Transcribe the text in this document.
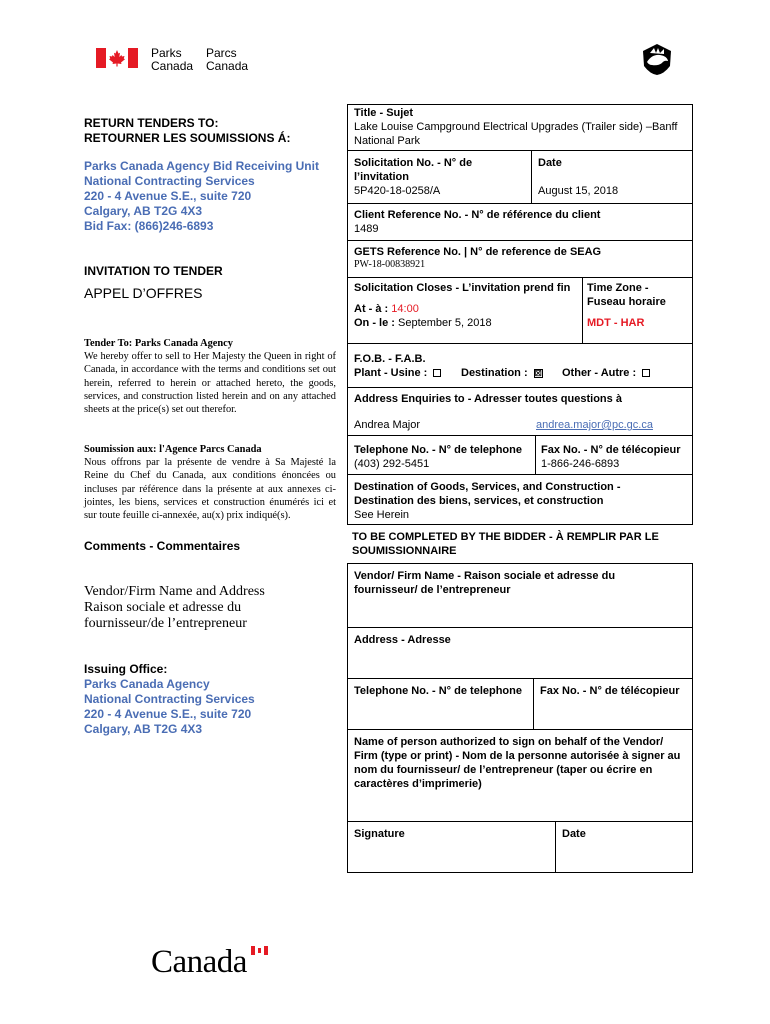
Parks
Canada
Parcs
Canada
RETURN TENDERS TO:
RETOURNER LES SOUMISSIONS Á:
Parks Canada Agency Bid Receiving Unit
National Contracting Services
220 - 4 Avenue S.E., suite 720
Calgary, AB T2G 4X3
Bid Fax: (866)246-6893
INVITATION TO TENDER
APPEL D’OFFRES
Tender To: Parks Canada Agency
We hereby offer to sell to Her Majesty the Queen in right of Canada, in accordance with the terms and conditions set out herein, referred to herein or attached hereto, the goods, services, and construction listed herein and on any attached sheets at the price(s) set out therefor.
Soumission aux: l'Agence Parcs Canada
Nous offrons par la présente de vendre à Sa Majesté la Reine du Chef du Canada, aux conditions énoncées ou incluses par référence dans la présente at aux annexes ci-jointes, les biens, services et construction énumérés ici et sur toute feuille ci-annexée, au(x) prix indiqué(s).
Comments - Commentaires
Vendor/Firm Name and Address
Raison sociale et adresse du
fournisseur/de l’entrepreneur
Issuing Office:
Parks Canada Agency
National Contracting Services
220 - 4 Avenue S.E., suite 720
Calgary, AB T2G 4X3
Title - Sujet
Lake Louise Campground Electrical Upgrades (Trailer side) –Banff National Park
Solicitation No. - N° de l’invitation
5P420-18-0258/A
Date
August 15, 2018
Client Reference No. - N° de référence du client
1489
GETS Reference No. | N° de reference de SEAG
PW-18-00838921
Solicitation Closes - L’invitation prend fin
At - à : 14:00
On - le : September 5, 2018
Time Zone -
Fuseau horaire
MDT - HAR
F.O.B. - F.A.B.
Plant - Usine :	Destination : ☒ Other - Autre :
Address Enquiries to - Adresser toutes questions à
Andrea Major	andrea.major@pc.gc.ca
Telephone No. - N° de telephone
(403) 292-5451
Fax No. - N° de télécopieur
1-866-246-6893
Destination of Goods, Services, and Construction -
Destination des biens, services, et construction
See Herein
TO BE COMPLETED BY THE BIDDER - À REMPLIR PAR LE
SOUMISSIONNAIRE
Vendor/ Firm Name - Raison sociale et adresse du
fournisseur/ de l’entrepreneur
Address - Adresse
Telephone No. - N° de telephone	Fax No. - N° de télécopieur
Name of person authorized to sign on behalf of the Vendor/ Firm (type or print) - Nom de la personne autorisée à signer au nom du fournisseur/ de l’entrepreneur (taper ou écrire en caractères d’imprimerie)
Signature	Date
Canada
